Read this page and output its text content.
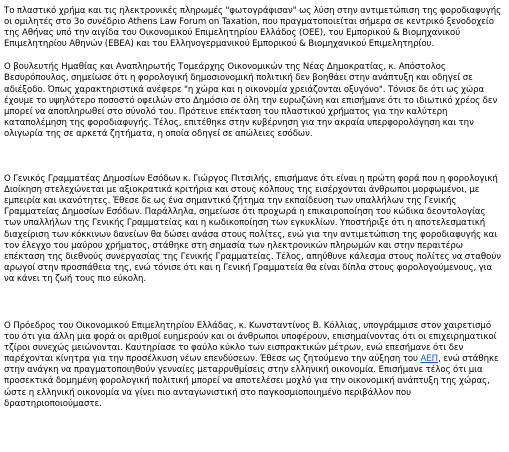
Το πλαστικό χρήμα και τις ηλεκτρονικές πληρωμές "φωτογράφισαν" ως λύση στην αντιμετώπιση της φοροδιαφυγής οι ομιλητές στο 3ο συνέδριο Athens Law Forum on Taxation, που πραγματοποιείται σήμερα σε κεντρικό ξενοδοχείο της Αθήνας υπό την αιγίδα του Οικονομικού Επιμελητηρίου Ελλάδος (ΟΕΕ), του Εμπορικού & Βιομηχανικού Επιμελητηρίου Αθηνών (ΕΒΕΑ) και του Ελληνογερμανικού Εμπορικού & Βιομηχανικού Επιμελητηρίου.

Ο βουλευτής Ημαθίας και Αναπληρωτής Τομεάρχης Οικονομικών της Νέας Δημοκρατίας, κ. Απόστολος Βεσυρόπουλος, σημείωσε ότι η φορολογική δημοσιονομική πολιτική δεν βοηθάει στην ανάπτυξη και οδηγεί σε αδιέξοδο. Όπως χαρακτηριστικά ανέφερε "η χώρα και η οικονομία χρειάζονται οξυγόνο". Τόνισε δε ότι ως χώρα έχουμε το υψηλότερο ποσοστό οφειλών στο Δημόσιο σε όλη την ευρωζώνη και επισήμανε ότι το ιδιωτικό χρέος δεν μπορεί να αποπληρωθεί στο σύνολό του. Πρότεινε επέκταση του πλαστικού χρήματος για την καλύτερη καταπολέμηση της φοροδιαφυγής. Τέλος, επιτέθηκε στην κυβέρνηση για την ακραία υπερφορολόγηση και την ολιγωρία της σε αρκετά ζητήματα, η οποία οδηγεί σε απώλειες εσόδων.

Ο Γενικός Γραμματέας Δημοσίων Εσόδων κ. Γιώργος Πιτσιλής, επισήμανε ότι είναι η πρώτη φορά που η φορολογική Διοίκηση στελεχώνεται με αξιοκρατικά κριτήρια και στους κόλπους της εισέρχονται άνθρωποι μορφωμένοι, με εμπειρία και ικανότητες. Έθεσε δε ως ένα σημαντικό ζήτημα την εκπαίδευση των υπαλλήλων της Γενικής Γραμματείας Δημοσίων Εσόδων. Παράλληλα, σημείωσε ότι προχωρά η επικαιροποίηση του κώδικα δεοντολογίας των υπαλλήλων της Γενικής Γραμματείας και η κωδικοποίηση των εγκυκλίων. Υποστήριξε ότι η αποτελεσματική διαχείριση των κόκκινων δανείων θα δώσει ανάσα στους πολίτες, ενώ για την αντιμετώπιση της φοροδιαφυγής και τον έλεγχο του μαύρου χρήματος, στάθηκε στη σημασία των ηλεκτρονικών πληρωμών και στην περαιτέρω επέκταση της διεθνούς συνεργασίας της Γενικής Γραμματείας. Τέλος, απηύθυνε κάλεσμα στους πολίτες να σταθούν αρωγοί στην προσπάθεια της, ενώ τόνισε ότι και η Γενική Γραμματεία θα είναι δίπλα στους φορολογούμενους, για να κάνει τη ζωή τους πιο εύκολη.

Ο Πρόεδρος του Οικονομικού Επιμελητηρίου Ελλάδας, κ. Κωνσταντίνος Β. Κόλλιας, υπογράμμισε στον χαιρετισμό του ότι για άλλη μια φορά οι αριθμοί ευημερούν και οι άνθρωποι υποφέρουν, επισημαίνοντας ότι οι επιχειρηματικοί τζίροι συνεχώς μειώνονται. Καυτηρίασε το φαύλο κύκλο των εισπρακτικών μέτρων, ενώ επεσήμανε ότι δεν παρέχονται κίνητρα για την προσέλκυση νέων επενδύσεων. Έθεσε ως ζητούμενο την αύξηση του ΑΕΠ, ενώ στάθηκε στην ανάγκη να πραγματοποιηθούν γενναίες μεταρρυθμίσεις στην ελληνική οικονομία. Επισήμανε τέλος ότι μια προσεκτικά δομημένη φορολογική πολιτική μπορεί να αποτελέσει μοχλό για την οικονομική ανάπτυξη της χώρας, ώστε η ελληνική οικονομία να γίνει πιο ανταγωνιστική στο παγκοσμιοποιημένο περιβάλλον που δραστηριοποιούμαστε.
